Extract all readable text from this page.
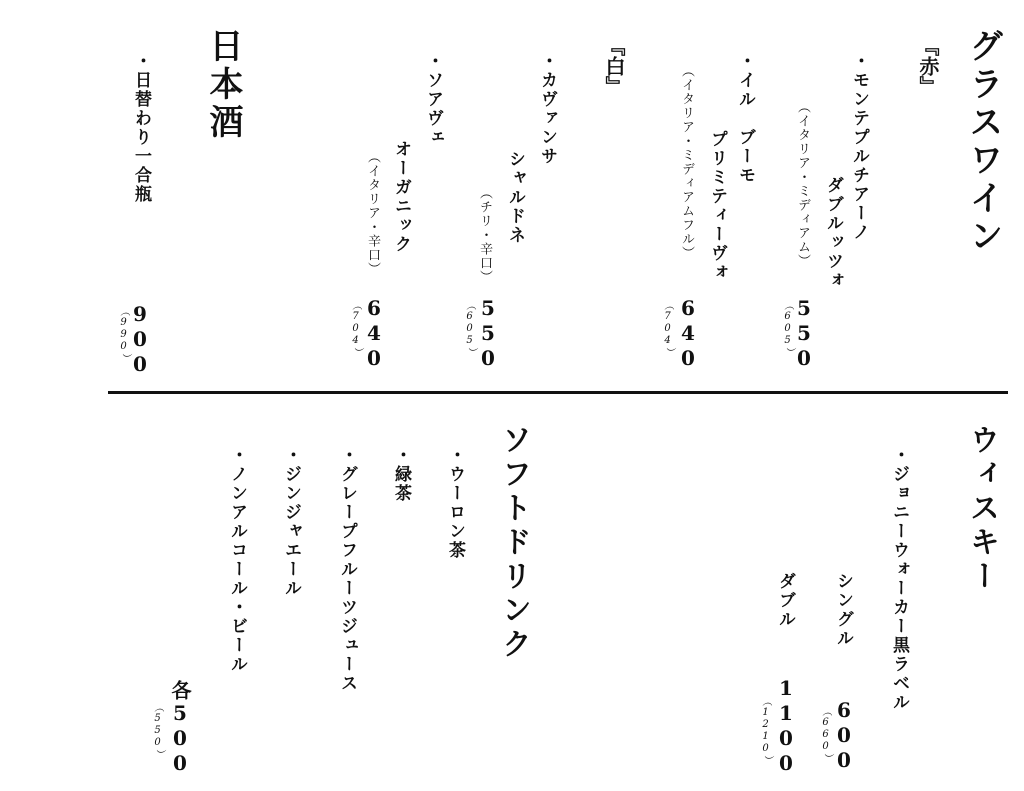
グラスワイン
『赤』
・モンテプルチアーノ
ダブルッツォ
（イタリア・ミディアム）
550
（605）
『白』	・イル　ブーモ
プリミティーヴォ
（イタリア・ミディアムフル）
640
（704）
・カヴァンサ
シャルドネ
（チリ・辛口）
550
（605）
・ソアヴェ
オーガニック
（イタリア・辛口）
640
（704）
日本酒
・日替わり一合瓶
900
（990）
ウィスキー
・ジョニーウォーカー黒ラベル
シングル
600
（660）
ダブル
1100
（1210）
ソフトドリンク
・ウーロン茶
・緑茶
・グレープフルーツジュース
・ジンジャエール
・ノンアルコール・ビール
各500
（550）
